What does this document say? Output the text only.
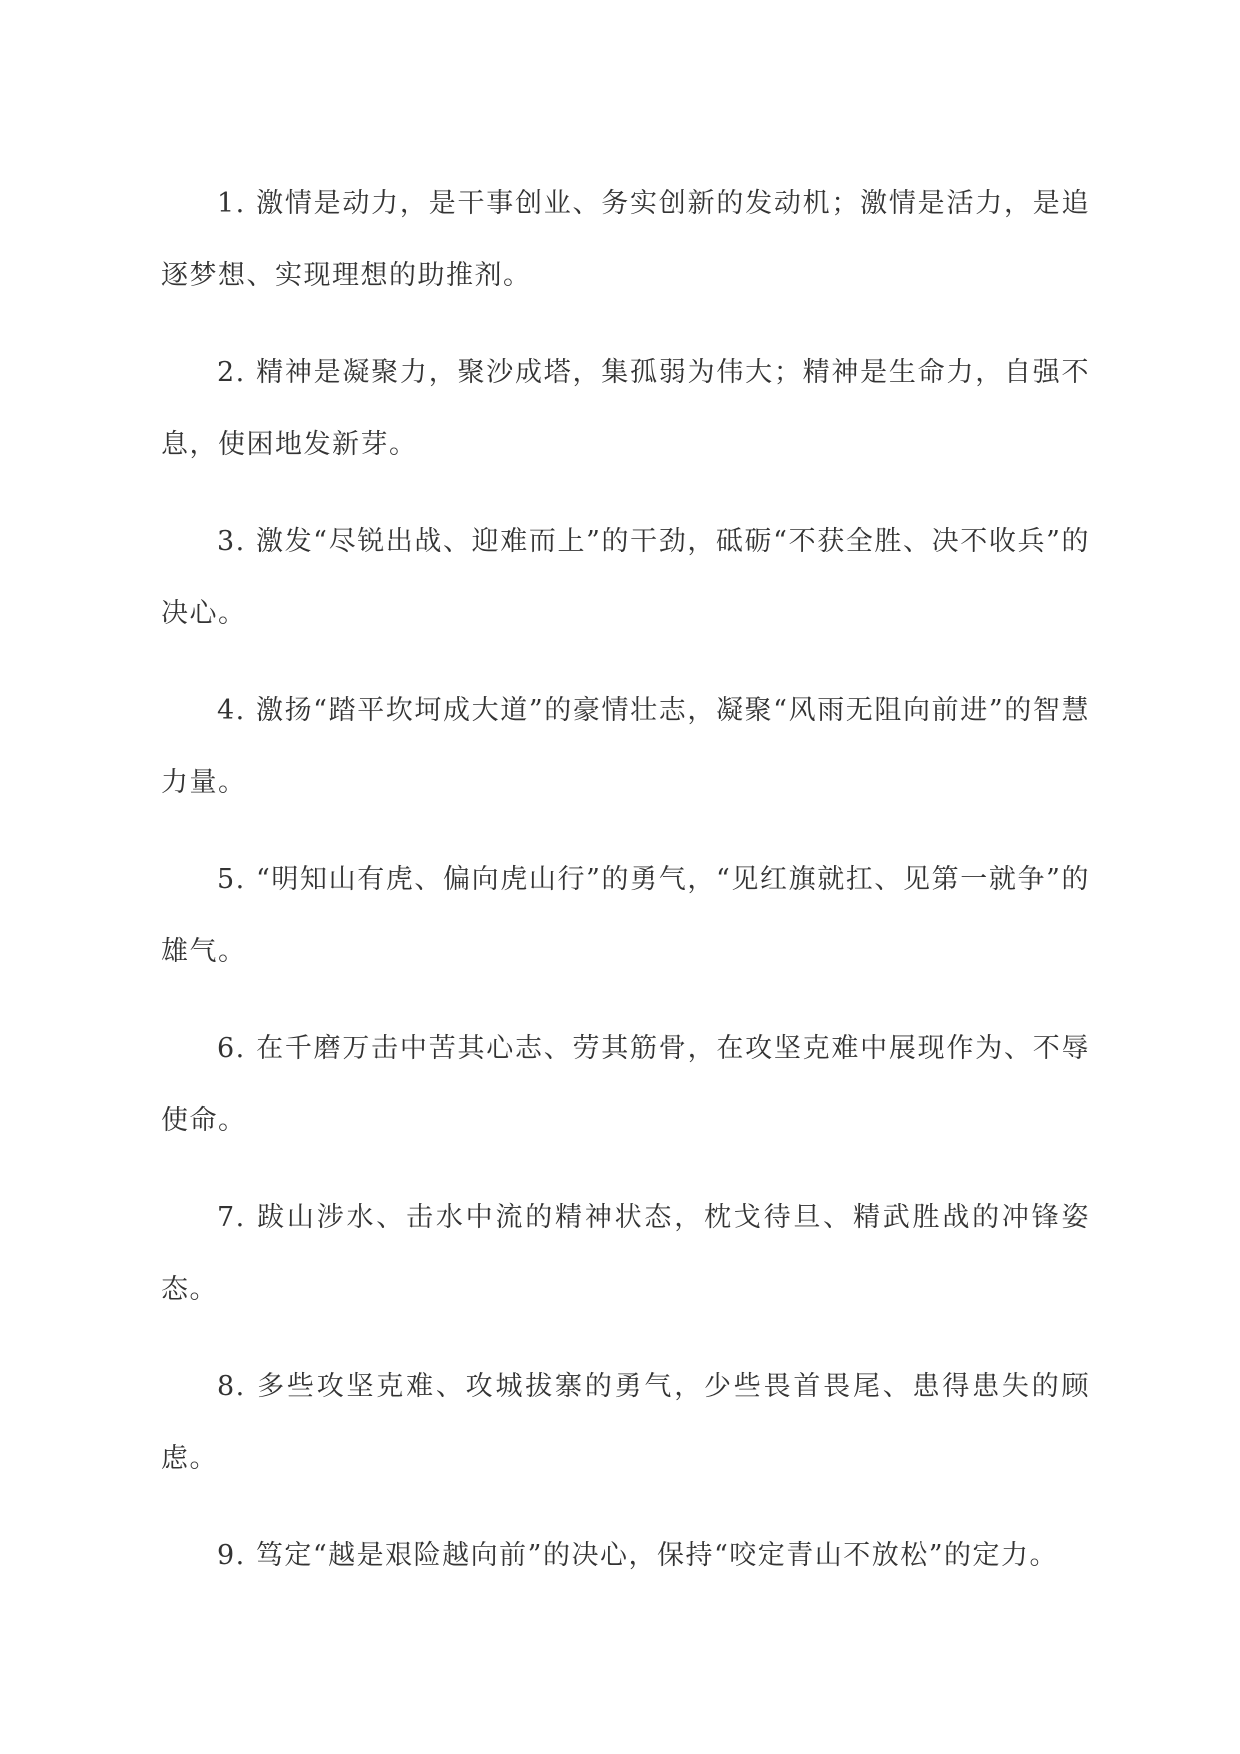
1. 激情是动力，是干事创业、务实创新的发动机；激情是活力，是追逐梦想、实现理想的助推剂。

2. 精神是凝聚力，聚沙成塔，集孤弱为伟大；精神是生命力，自强不息，使困地发新芽。

3. 激发“尽锐出战、迎难而上”的干劲，砥砺“不获全胜、决不收兵”的决心。

4. 激扬“踏平坎坷成大道”的豪情壮志，凝聚“风雨无阻向前进”的智慧力量。

5. “明知山有虎、偏向虎山行”的勇气，“见红旗就扛、见第一就争”的雄气。

6. 在千磨万击中苦其心志、劳其筋骨，在攻坚克难中展现作为、不辱使命。

7. 跋山涉水、击水中流的精神状态，枕戈待旦、精武胜战的冲锋姿态。

8. 多些攻坚克难、攻城拔寨的勇气，少些畏首畏尾、患得患失的顾虑。

9. 笃定“越是艰险越向前”的决心，保持“咬定青山不放松”的定力。
